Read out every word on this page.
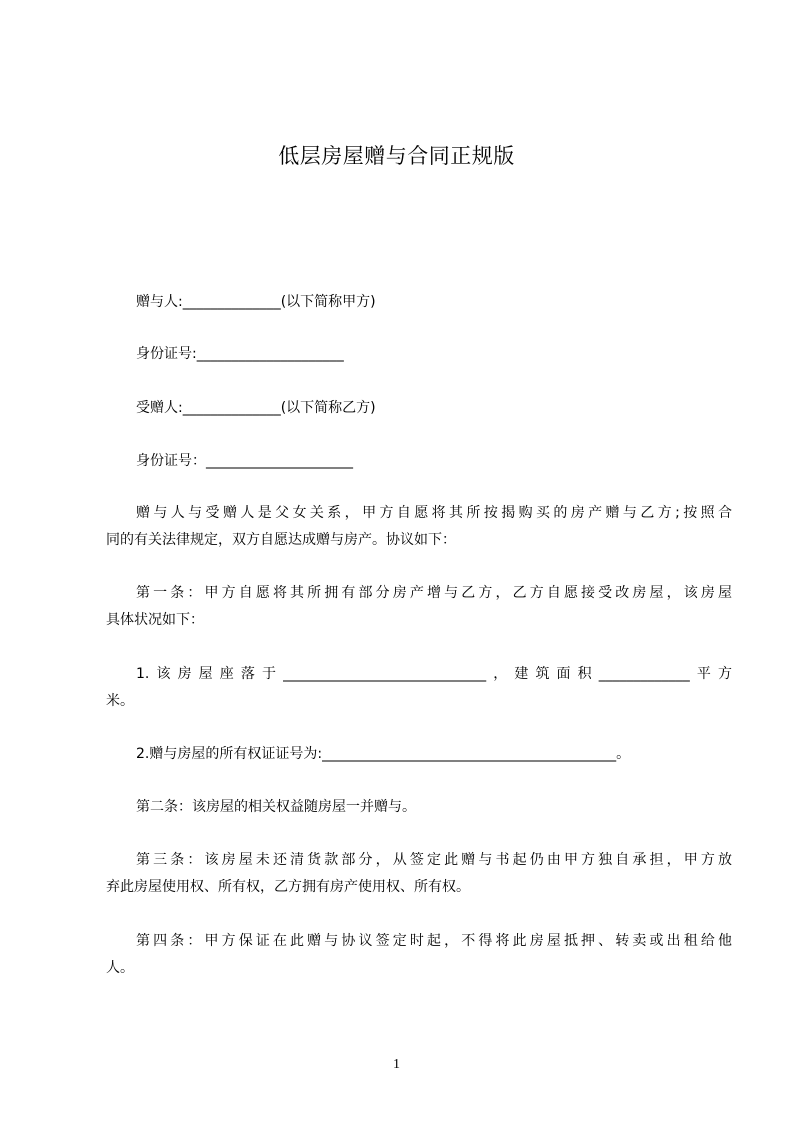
低层房屋赠与合同正规版
赠与人:______________(以下简称甲方)
身份证号:_____________________
受赠人:______________(以下简称乙方)
身份证号：_____________________
赠与人与受赠人是父女关系，甲方自愿将其所按揭购买的房产赠与乙方;按照合
同的有关法律规定，双方自愿达成赠与房产。协议如下：
第一条：甲方自愿将其所拥有部分房产增与乙方，乙方自愿接受改房屋，该房屋
具体状况如下：
1.该房屋座落于_____________________________，建筑面积_____________平方
米。
2.赠与房屋的所有权证证号为:__________________________________________。
第二条：该房屋的相关权益随房屋一并赠与。
第三条：该房屋未还清货款部分，从签定此赠与书起仍由甲方独自承担，甲方放
弃此房屋使用权、所有权，乙方拥有房产使用权、所有权。
第四条：甲方保证在此赠与协议签定时起，不得将此房屋抵押、转卖或出租给他
人。
1
